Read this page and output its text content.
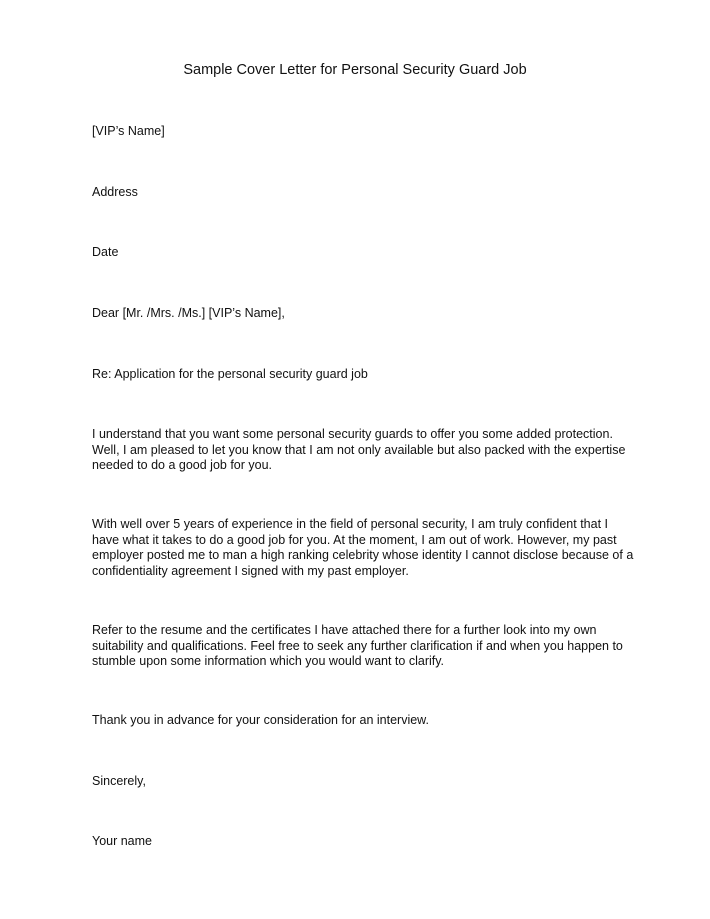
Sample Cover Letter for Personal Security Guard Job

[VIP’s Name]

Address

Date

Dear [Mr. /Mrs. /Ms.] [VIP’s Name],

Re: Application for the personal security guard job

I understand that you want some personal security guards to offer you some added protection.
Well, I am pleased to let you know that I am not only available but also packed with the expertise
needed to do a good job for you.
With well over 5 years of experience in the field of personal security, I am truly confident that I
have what it takes to do a good job for you. At the moment, I am out of work. However, my past
employer posted me to man a high ranking celebrity whose identity I cannot disclose because of a
confidentiality agreement I signed with my past employer.
Refer to the resume and the certificates I have attached there for a further look into my own
suitability and qualifications. Feel free to seek any further clarification if and when you happen to
stumble upon some information which you would want to clarify.

Thank you in advance for your consideration for an interview.

Sincerely,

Your name
